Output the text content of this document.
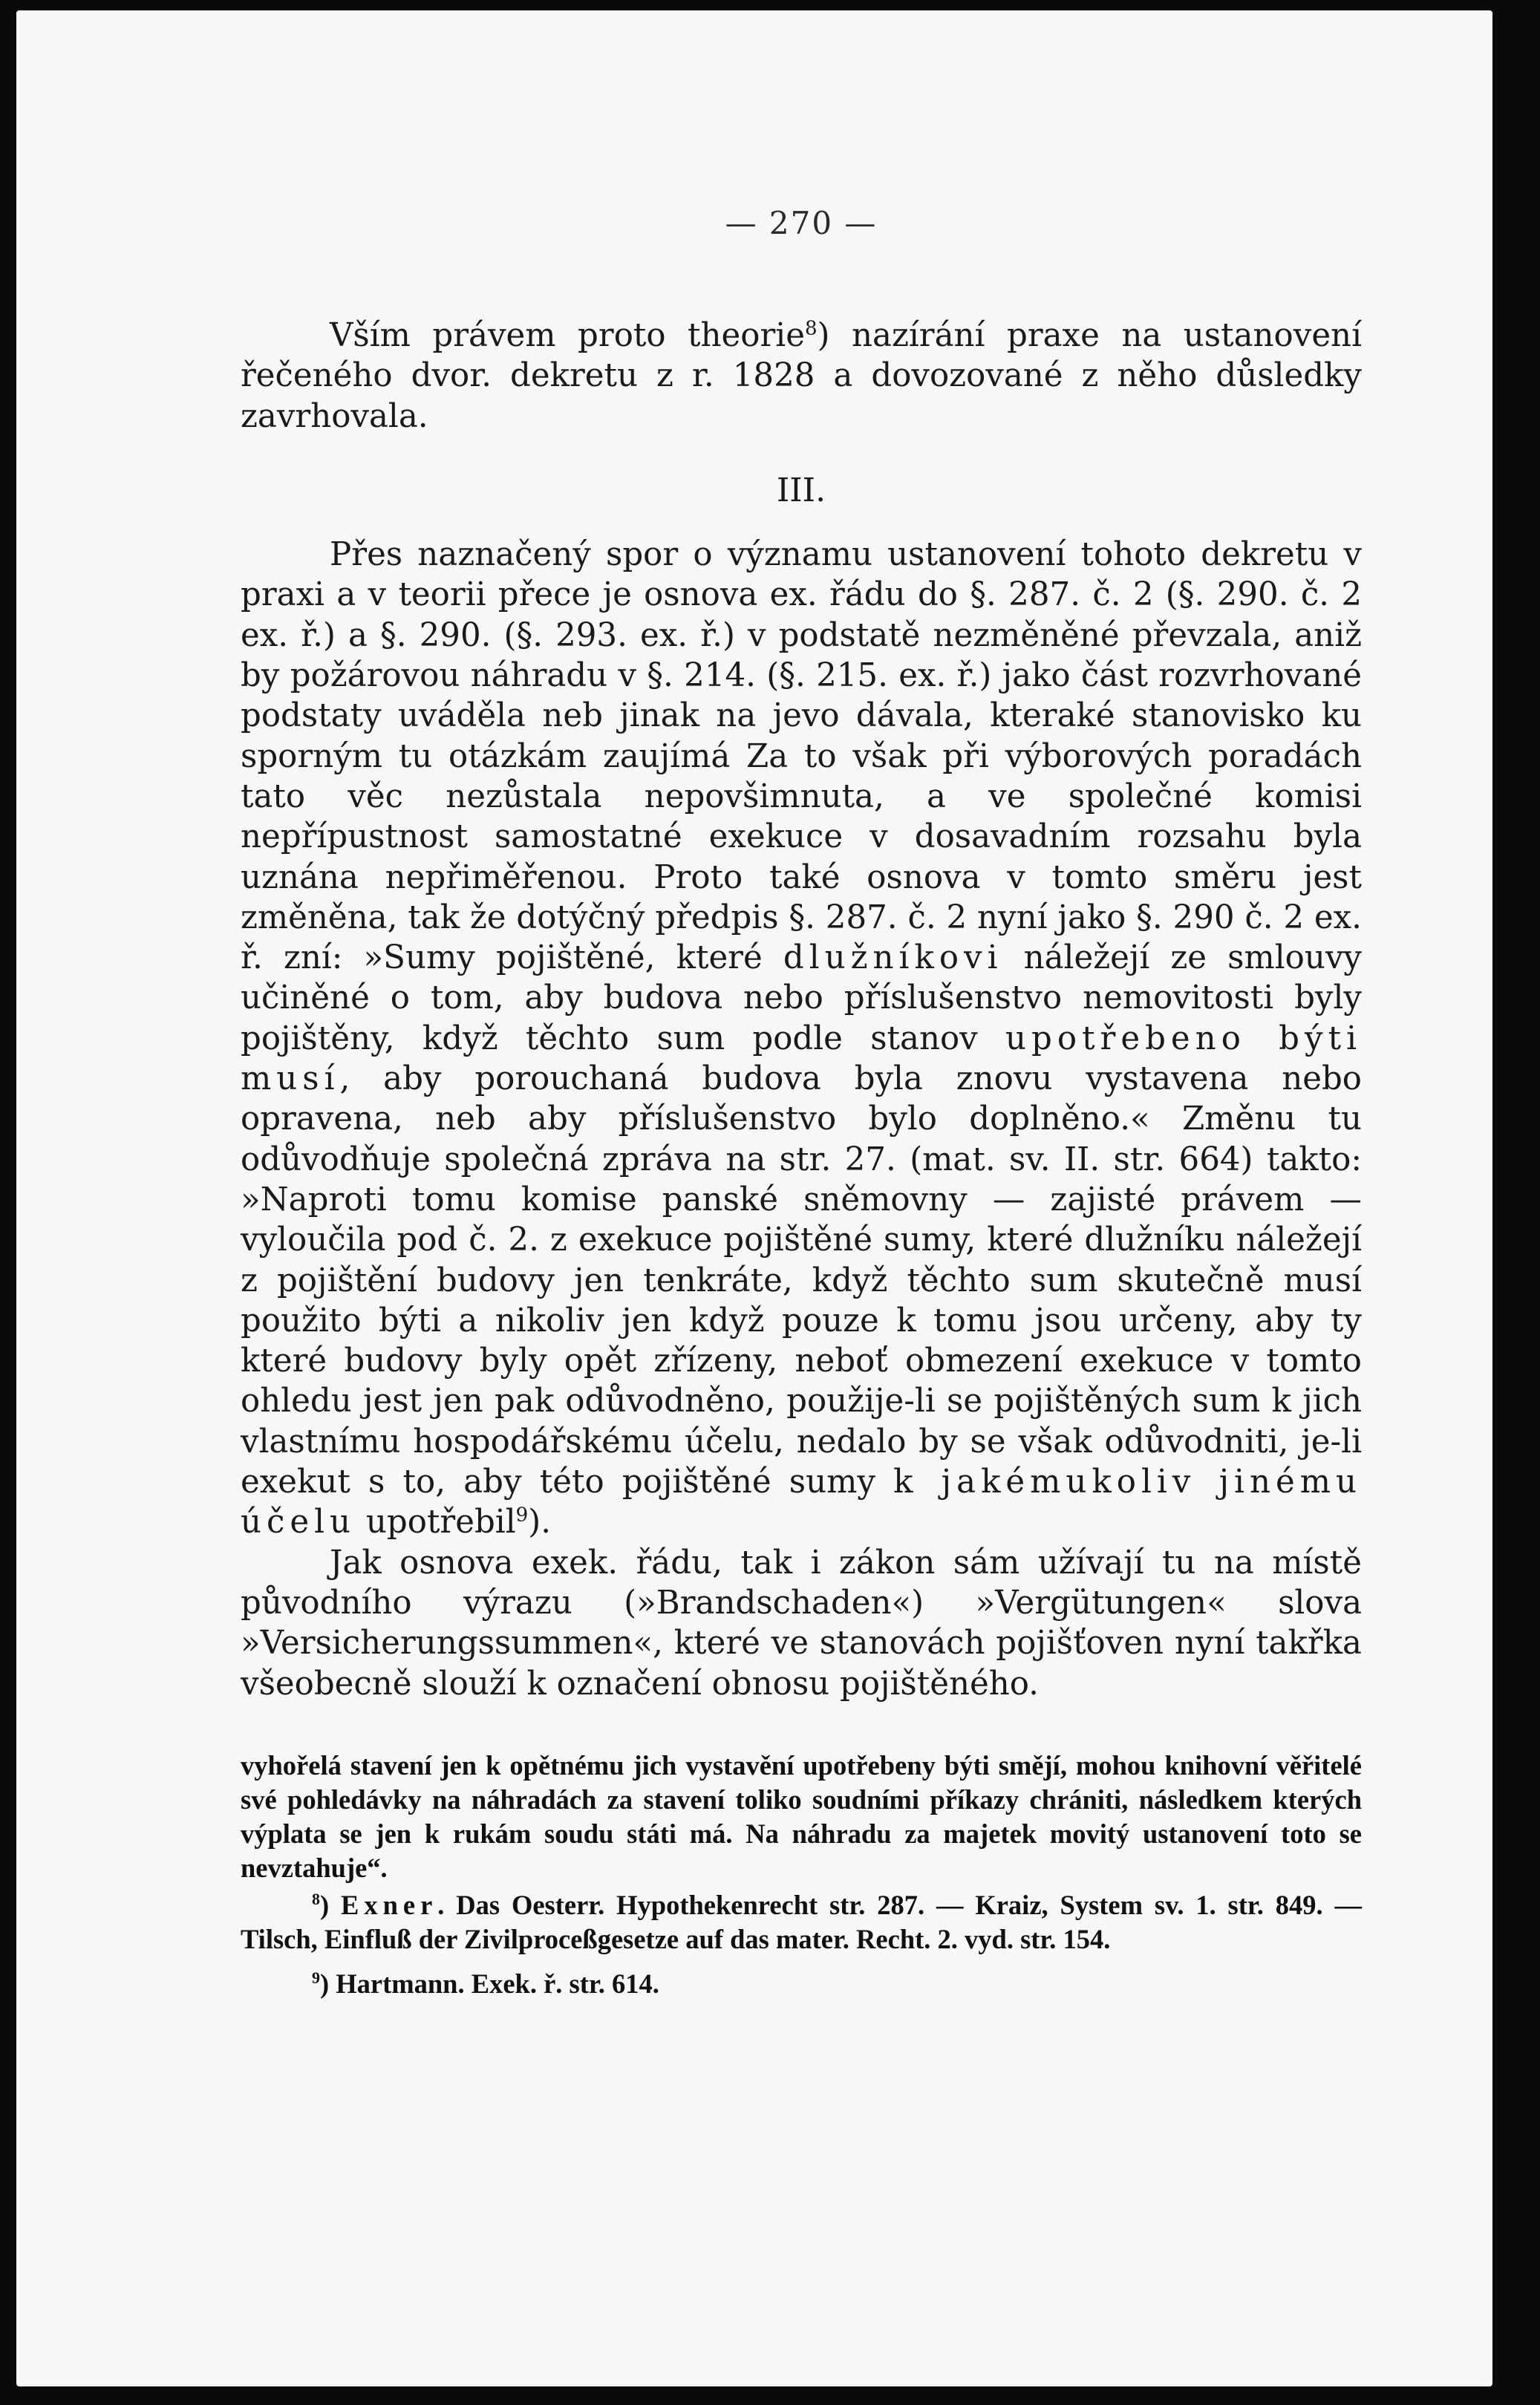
— 270 —

Vším právem proto theorie$^8$) nazírání praxe na ustanovení řečeného dvor. dekretu z r. 1828 a dovozované z něho důsledky zavrhovala.

III.

Přes naznačený spor o významu ustanovení tohoto dekretu v praxi a v teorii přece je osnova ex. řádu do §. 287. č. 2 (§. 290. č. 2 ex. ř.) a §. 290. (§. 293. ex. ř.) v podstatě nezměněné převzala, aniž by požárovou náhradu v §. 214. (§. 215. ex. ř.) jako část rozvrhované podstaty uváděla neb jinak na jevo dávala, kteraké stanovisko ku sporným tu otázkám zaujímá Za to však při výborových poradách tato věc nezůstala nepovšimnuta, a ve společné komisi nepřípustnost samostatné exekuce v dosavadním rozsahu byla uznána nepřiměřenou. Proto také osnova v tomto směru jest změněna, tak že dotýčný předpis §. 287. č. 2 nyní jako §. 290 č. 2 ex. ř. zní: »Sumy pojištěné, které dlužníkovi náležejí ze smlouvy učiněné o tom, aby budova nebo příslušenstvo nemovitosti byly pojištěny, když těchto sum podle stanov upotřebeno býti musí, aby porouchaná budova byla znovu vystavena nebo opravena, neb aby příslušenstvo bylo doplněno.« Změnu tu odůvodňuje společná zpráva na str. 27. (mat. sv. II. str. 664) takto: »Naproti tomu komise panské sněmovny — zajisté právem — vyloučila pod č. 2. z exekuce pojištěné sumy, které dlužníku náležejí z pojištění budovy jen tenkráte, když těchto sum skutečně musí použito býti a nikoliv jen když pouze k tomu jsou určeny, aby ty které budovy byly opět zřízeny, neboť obmezení exekuce v tomto ohledu jest jen pak odůvodněno, použije-li se pojištěných sum k jich vlastnímu hospodářskému účelu, nedalo by se však odůvodniti, je-li exekut s to, aby této pojištěné sumy k jakémukoliv jinému účelu upotřebil$^9$).

Jak osnova exek. řádu, tak i zákon sám užívají tu na místě původního výrazu (»Brandschaden«) »Vergütungen« slova »Versicherungssummen«, které ve stanovách pojišťoven nyní takřka všeobecně slouží k označení obnosu pojištěného.

vyhořelá stavení jen k opětnému jich vystavění upotřebeny býti smějí, mohou knihovní věřitelé své pohledávky na náhradách za stavení toliko soudními příkazy chrániti, následkem kterých výplata se jen k rukám soudu státi má. Na náhradu za majetek movitý ustanovení toto se nevztahuje“.

$^8$) Exner. Das Oesterr. Hypothekenrecht str. 287. — Kraiz, System sv. 1. str. 849. — Tilsch, Einfluß der Zivilproceßgesetze auf das mater. Recht. 2. vyd. str. 154.

$^9$) Hartmann. Exek. ř. str. 614.
